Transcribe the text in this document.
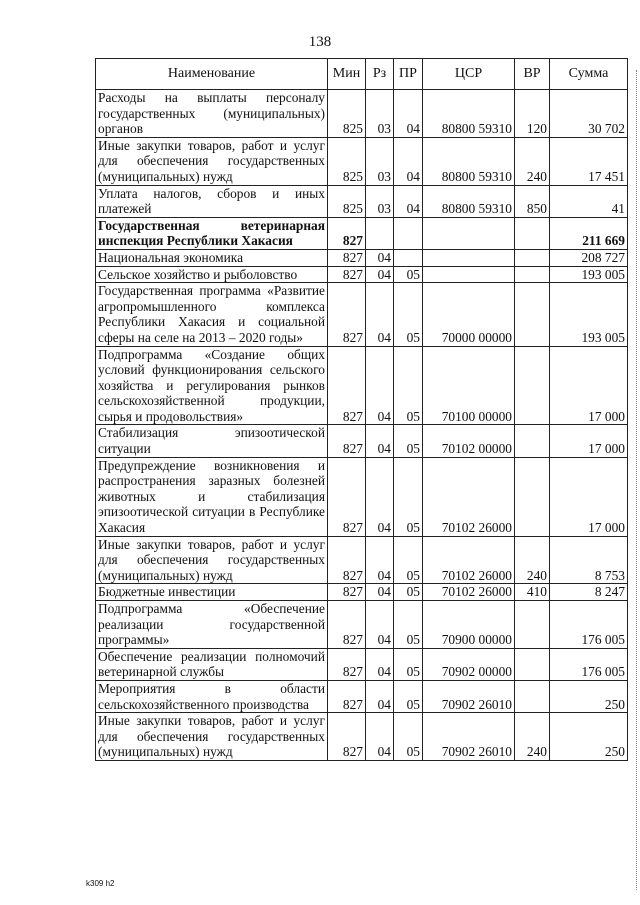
138
Наименование	Мин	Рз	ПР	ЦСР	ВР	Сумма
Расходы на выплаты персоналу государственных (муниципальных) органов	825	03	04	80800 59310	120	30 702
Иные закупки товаров, работ и услуг для обеспечения государственных (муниципальных) нужд	825	03	04	80800 59310	240	17 451
Уплата налогов, сборов и иных платежей	825	03	04	80800 59310	850	41
Государственная ветеринарная инспекция Республики Хакасия	827					211 669
Национальная экономика	827	04				208 727
Сельское хозяйство и рыболовство	827	04	05			193 005
Государственная программа «Развитие агропромышленного комплекса Республики Хакасия и социальной сферы на селе на 2013 – 2020 годы»	827	04	05	70000 00000		193 005
Подпрограмма «Создание общих условий функционирования сельского хозяйства и регулирования рынков сельскохозяйственной продукции, сырья и продовольствия»	827	04	05	70100 00000		17 000
Стабилизация эпизоотической ситуации	827	04	05	70102 00000		17 000
Предупреждение возникновения и распространения заразных болезней животных и стабилизация эпизоотической ситуации в Республике Хакасия	827	04	05	70102 26000		17 000
Иные закупки товаров, работ и услуг для обеспечения государственных (муниципальных) нужд	827	04	05	70102 26000	240	8 753
Бюджетные инвестиции	827	04	05	70102 26000	410	8 247
Подпрограмма «Обеспечение реализации государственной программы»	827	04	05	70900 00000		176 005
Обеспечение реализации полномочий ветеринарной службы	827	04	05	70902 00000		176 005
Мероприятия в области сельскохозяйственного производства	827	04	05	70902 26010		250
Иные закупки товаров, работ и услуг для обеспечения государственных (муниципальных) нужд	827	04	05	70902 26010	240	250
k309 h2
